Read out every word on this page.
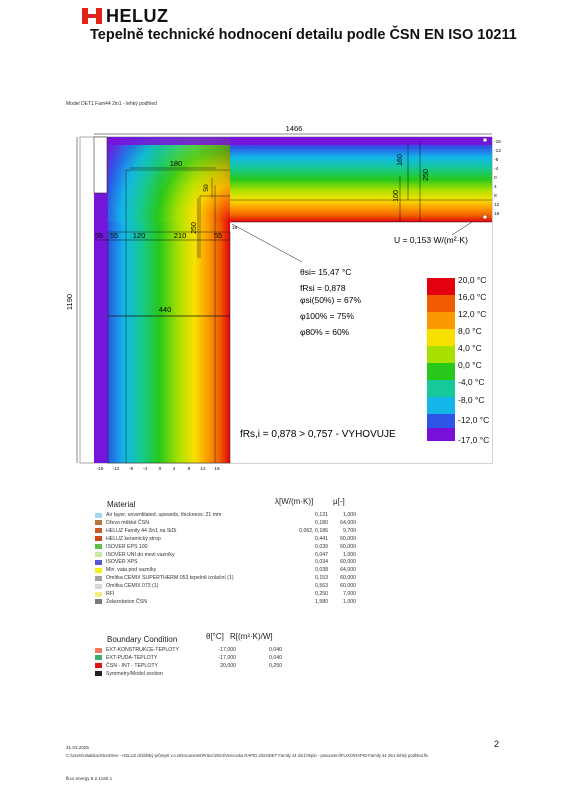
HELUZ
Tepelně technické hodnocení detailu podle ČSN EN ISO 10211
Model DET1 Fam44 2in1 - lehký podhled
1466
1190
180	160
250
100
50
250
55 55 120	210	55
440
-16
-12
-8
-4
0
4
8
12
16
-16 -12 -8 -4 0 4	8 12 16
16
U = 0,153 W/(m²·K)
θsi= 15,47 °C
fRsi = 0,878
φsi(50%) = 67%
φ100% = 75%
φ80% = 60%
fRs,i = 0,878 > 0,757 - VYHOVUJE
20,0 °C
16,0 °C
12,0 °C
8,0 °C
4,0 °C
0,0 °C
-4,0 °C
-8,0 °C
-12,0 °C
-17,0 °C
Material	λ[W/(m·K)] μ[-]
Air layer, unventilated, upwards, thickness: 21 mm	0,131	1,000
Dřevo měkké ČSN	0,180	64,000
HELUZ Family 44 2in1 na SiDi	0,062, 0,186	9,700
HELUZ keramický strop	0,441	60,000
ISOVER EPS 100	0,039	60,000
ISOVER UNI do mezi vazníky	0,047	1,000
ISOVER XPS	0,034	60,000
Min. vata pod vazníky	0,038	64,000
Omítka CEMIX SUPERTHERM 053 tepelně izolační (1)	0,153	60,000
Omítka CEMIX 073 (1)	0,563	60,000
RFI	0,250	7,000
Železobeton ČSN	1,580	1,000
Boundary Condition	θ[°C] R[(m²·K)/W]
EXT-KONSTRUKCE-TEPLOTY	-17,000	0,040
EXT-PUDA-TEPLOTY	-17,000	0,040
ČSN - INT - TEPLOTY	20,000	0,250
Symmetry/Model section
31.03.2025	2
C:\Users\mlatislav\OneDrive - HELUZ cihlářský průmysl v.o.s\Documents\Práce\2024\Vencovka RAPID 2024\DET Family 44 2in1\Teplo - posouzení\FLIXO\RAPID-Family 44 2in1-lehký podhled.flx
flixo energy 8.2.1180.1
